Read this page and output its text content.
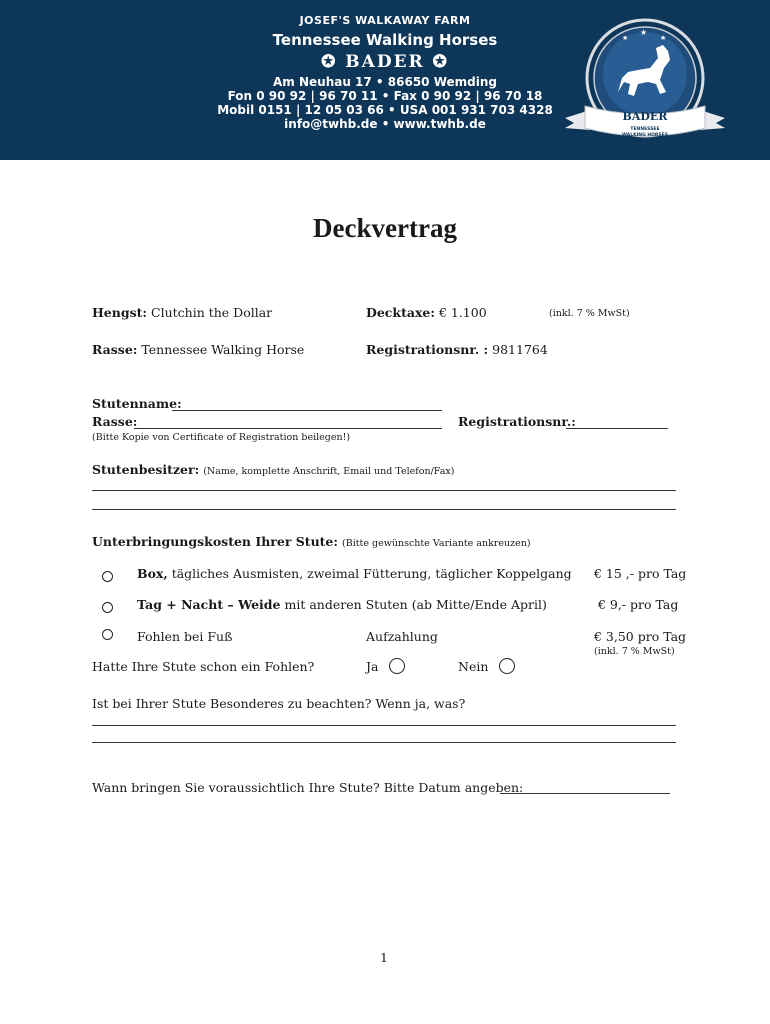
JOSEF'S WALKAWAY FARM
Tennessee Walking Horses
✪ BADER ✪
Am Neuhau 17 • 86650 Wemding
Fon 0 90 92 | 96 70 11 • Fax 0 90 92 | 96 70 18
Mobil 0151 | 12 05 03 66 • USA 001 931 703 4328
info@twhb.de • www.twhb.de
★
★
★
BADER
TENNESSEE
WALKING HORSES
Deckvertrag
Hengst: Clutchin the Dollar	Decktaxe: € 1.100	(inkl. 7 % MwSt)
Rasse: Tennessee Walking Horse	Registrationsnr. : 9811764
Stutenname:
Rasse:	Registrationsnr.:
(Bitte Kopie von Certificate of Registration beilegen!)
Stutenbesitzer: (Name, komplette Anschrift, Email und Telefon/Fax)
Unterbringungskosten Ihrer Stute: (Bitte gewünschte Variante ankreuzen)
Box, tägliches Ausmisten, zweimal Fütterung, täglicher Koppelgang € 15 ,- pro Tag
Tag + Nacht – Weide mit anderen Stuten (ab Mitte/Ende April)	€ 9,- pro Tag
Fohlen bei Fuß	Aufzahlung	€ 3,50 pro Tag
(inkl. 7 % MwSt)
Hatte Ihre Stute schon ein Fohlen?	Ja	Nein
Ist bei Ihrer Stute Besonderes zu beachten? Wenn ja, was?
Wann bringen Sie voraussichtlich Ihre Stute? Bitte Datum angeben:
1
